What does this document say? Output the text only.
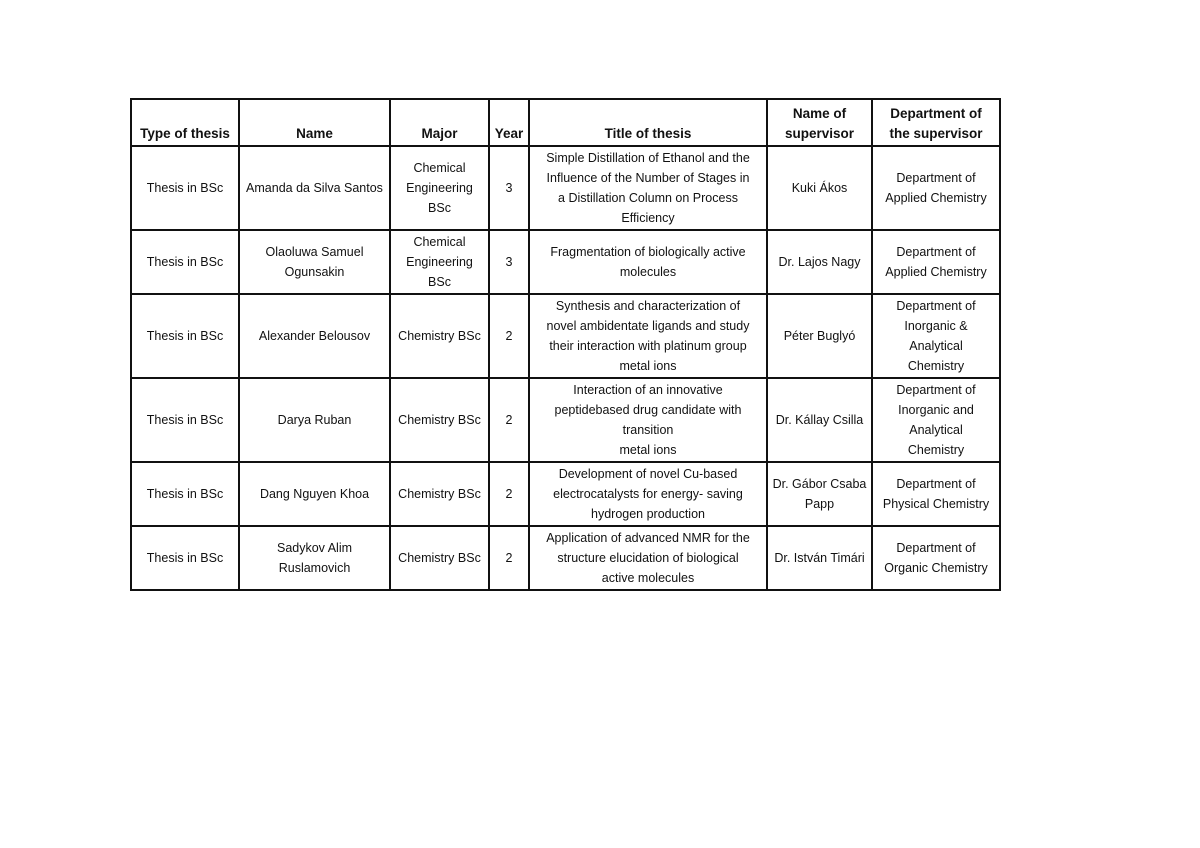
Type of thesis	Name	Major	Year	Title of thesis	Name of
supervisor	Department of
the supervisor
Thesis in BSc	Amanda da Silva Santos	Chemical
Engineering
BSc	3	Simple Distillation of Ethanol and the
Influence of the Number of Stages in
a Distillation Column on Process
Efficiency	Kuki Ákos	Department of
Applied Chemistry
Thesis in BSc	Olaoluwa Samuel
Ogunsakin	Chemical
Engineering
BSc	3	Fragmentation of biologically active
molecules	Dr. Lajos Nagy	Department of
Applied Chemistry
Thesis in BSc	Alexander Belousov	Chemistry BSc	2	Synthesis and characterization of
novel ambidentate ligands and study
their interaction with platinum group
metal ions	Péter Buglyó	Department of
Inorganic &
Analytical
Chemistry
Thesis in BSc	Darya Ruban	Chemistry BSc	2	Interaction of an innovative
peptidebased drug candidate with
transition
metal ions	Dr. Kállay Csilla	Department of
Inorganic and
Analytical
Chemistry
Thesis in BSc	Dang Nguyen Khoa	Chemistry BSc	2	Development of novel Cu-based
electrocatalysts for energy- saving
hydrogen production	Dr. Gábor Csaba
Papp	Department of
Physical Chemistry
Thesis in BSc	Sadykov Alim
Ruslamovich	Chemistry BSc	2	Application of advanced NMR for the
structure elucidation of biological
active molecules	Dr. István Timári	Department of
Organic Chemistry
